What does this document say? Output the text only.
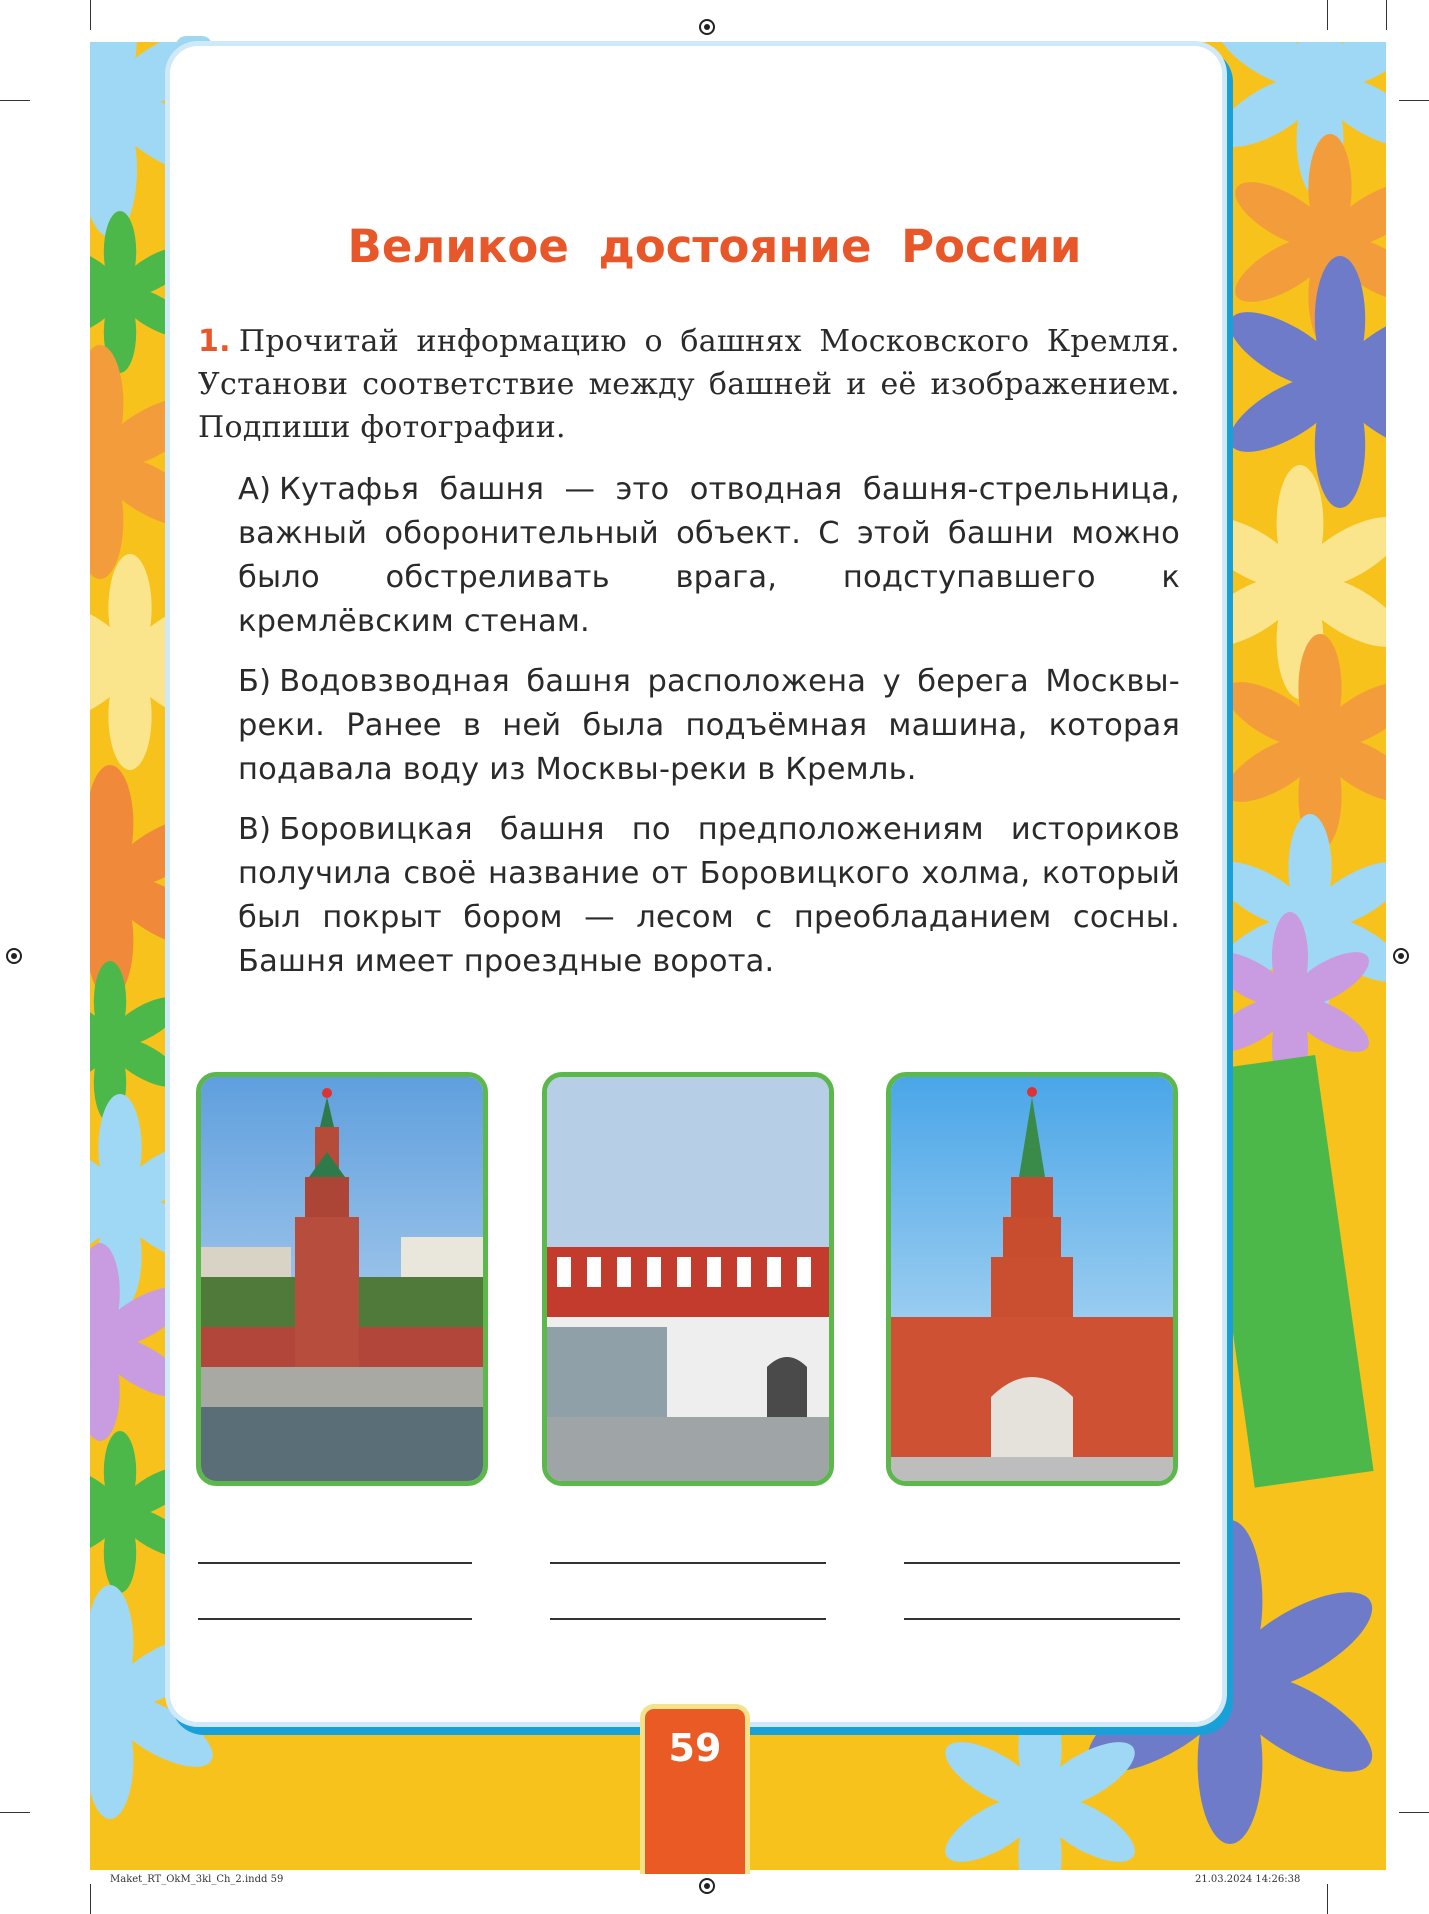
Великое достояние России
1. Прочитай информацию о башнях Московского Кремля. Установи соответствие между башней и её изображением. Подпиши фотографии.
А) Кутафья башня — это отводная башня-стрельница, важный оборонительный объект. С этой башни можно было обстреливать врага, подступавшего к кремлёвским стенам.
Б) Водовзводная башня расположена у берега Москвы-реки. Ранее в ней была подъёмная машина, которая подавала воду из Москвы-реки в Кремль.
В) Боровицкая башня по предположениям историков получила своё название от Боровицкого холма, который был покрыт бором — лесом с преобладанием сосны. Башня имеет проездные ворота.
59
Maket_RT_OkM_3kl_Ch_2.indd 59	21.03.2024 14:26:38
